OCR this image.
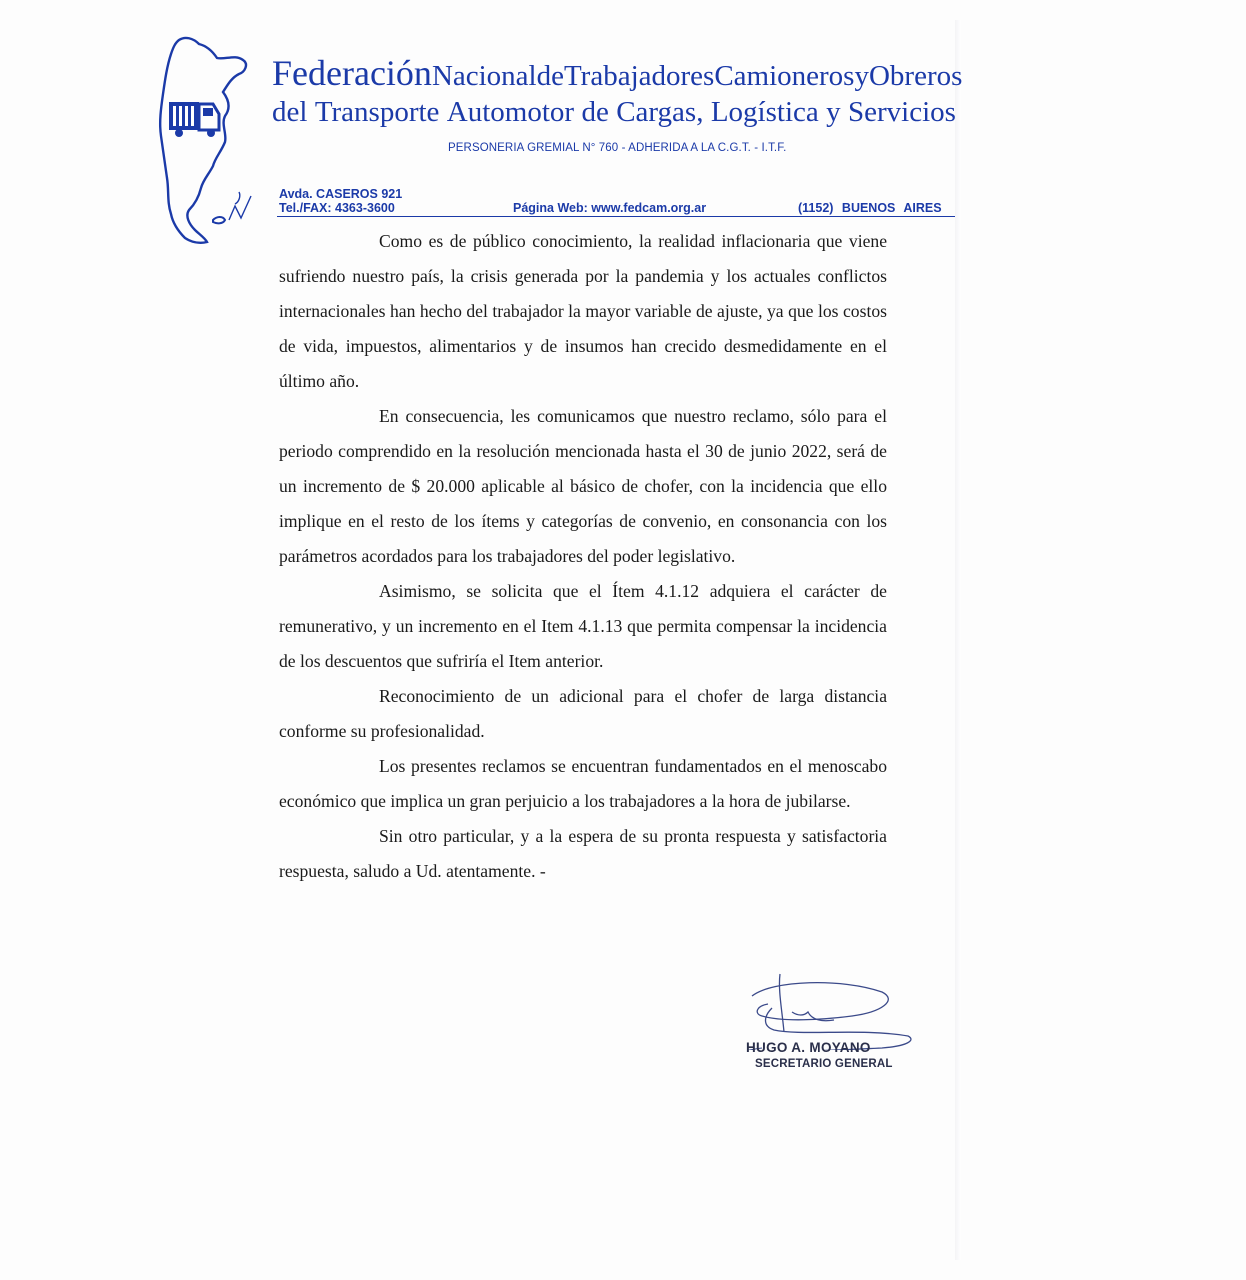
Federación Nacional de Trabajadores Camioneros y Obreros
del Transporte Automotor de Cargas, Logística y Servicios
PERSONERIA GREMIAL N° 760 - ADHERIDA A LA C.G.T. - I.T.F.
Avda. CASEROS 921
Tel./FAX: 4363-3600	Página Web: www.fedcam.org.ar	(1152) BUENOS AIRES

Como es de público conocimiento, la realidad inflacionaria que viene sufriendo nuestro país, la crisis generada por la pandemia y los actuales conflictos internacionales han hecho del trabajador la mayor variable de ajuste, ya que los costos de vida, impuestos, alimentarios y de insumos han crecido desmedidamente en el último año.

En consecuencia, les comunicamos que nuestro reclamo, sólo para el periodo comprendido en la resolución mencionada hasta el 30 de junio 2022, será de un incremento de $ 20.000 aplicable al básico de chofer, con la incidencia que ello implique en el resto de los ítems y categorías de convenio, en consonancia con los parámetros acordados para los trabajadores del poder legislativo.

Asimismo, se solicita que el Ítem 4.1.12 adquiera el carácter de remunerativo, y un incremento en el Item 4.1.13 que permita compensar la incidencia de los descuentos que sufriría el Item anterior.

Reconocimiento de un adicional para el chofer de larga distancia conforme su profesionalidad.

Los presentes reclamos se encuentran fundamentados en el menoscabo económico que implica un gran perjuicio a los trabajadores a la hora de jubilarse.

Sin otro particular, y a la espera de su pronta respuesta y satisfactoria respuesta, saludo a Ud. atentamente. -

HUGO A. MOYANO
SECRETARIO GENERAL
